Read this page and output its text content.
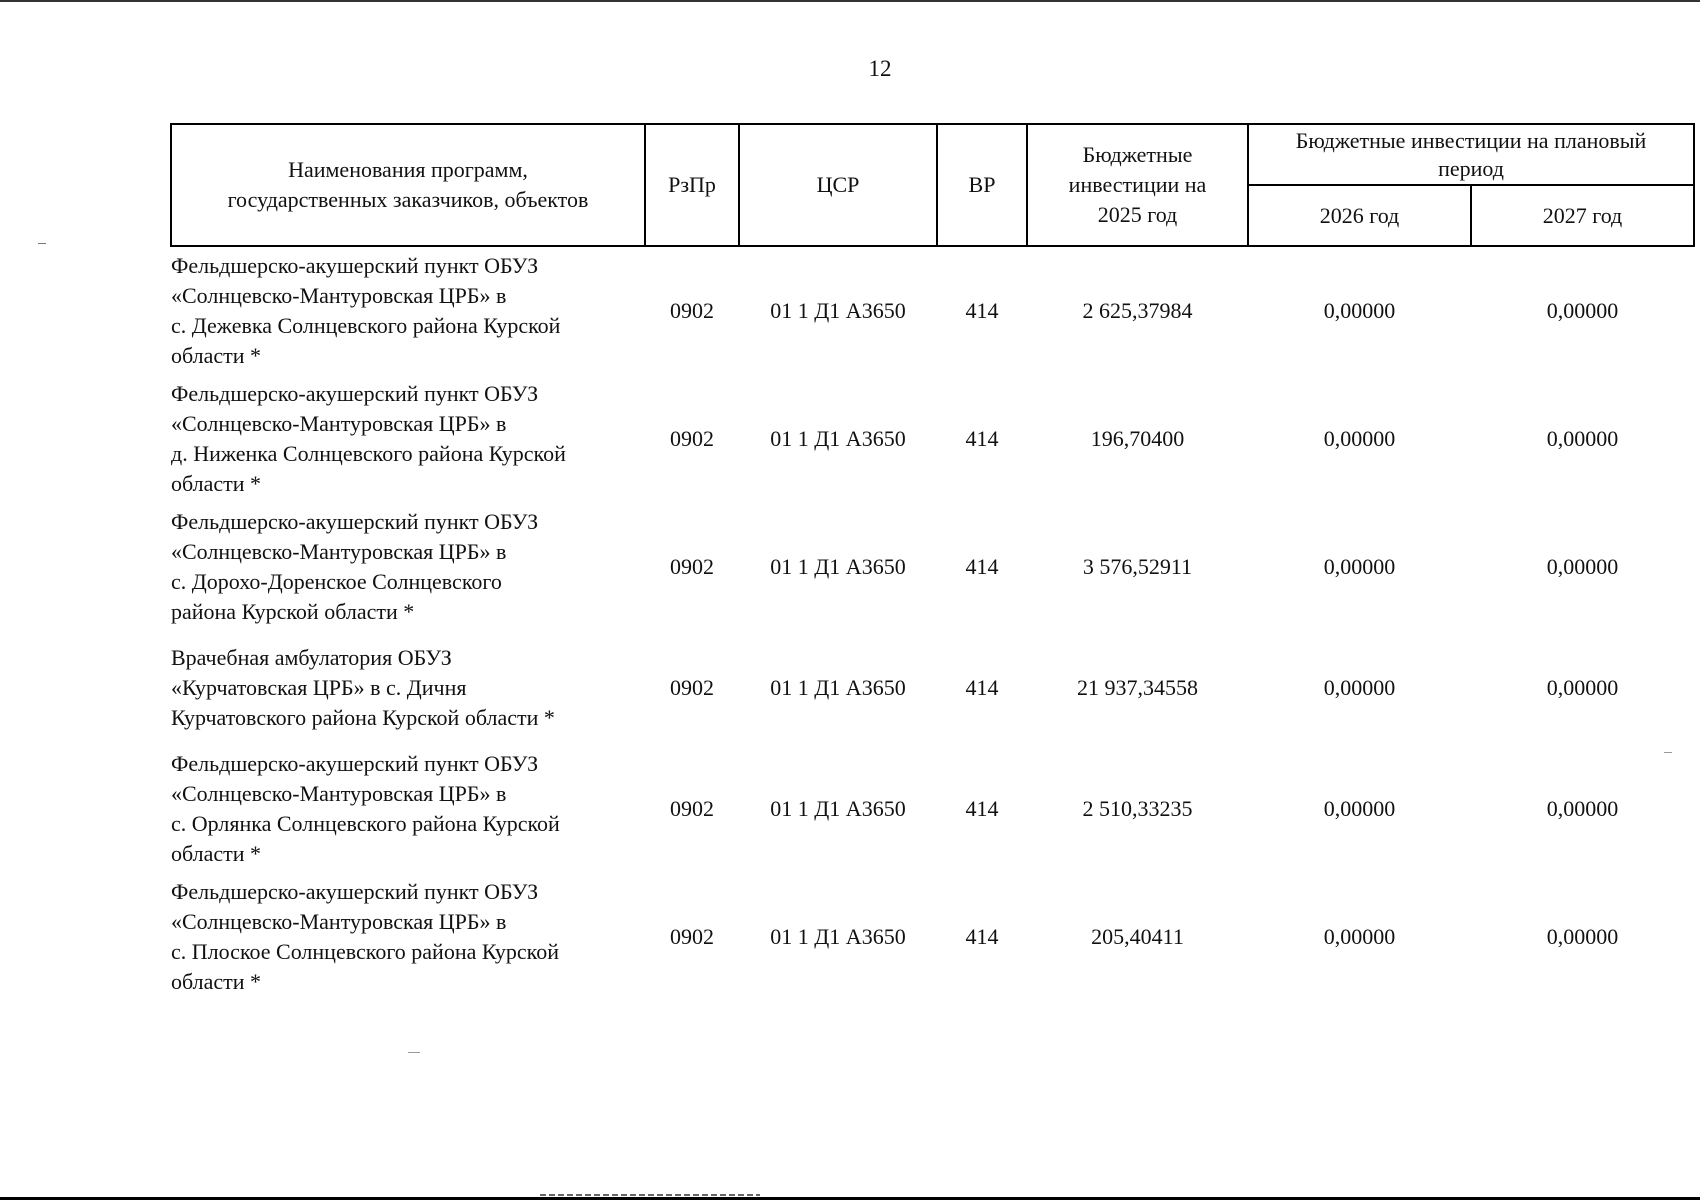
12
Наименования программ,
государственных заказчиков, объектов	РзПр	ЦСР	ВР	Бюджетные
инвестиции на
2025 год	Бюджетные инвестиции на плановый
период	
					2026 год	2027 год
Фельдшерско-акушерский пункт ОБУЗ
«Солнцевско-Мантуровская ЦРБ» в
с. Дежевка Солнцевского района Курской
области *	0902	01 1 Д1 А3650	414	2 625,37984	0,00000	0,00000
Фельдшерско-акушерский пункт ОБУЗ
«Солнцевско-Мантуровская ЦРБ» в
д. Ниженка Солнцевского района Курской
области *	0902	01 1 Д1 А3650	414	196,70400	0,00000	0,00000
Фельдшерско-акушерский пункт ОБУЗ
«Солнцевско-Мантуровская ЦРБ» в
с. Дорохо-Доренское Солнцевского
района Курской области *	0902	01 1 Д1 А3650	414	3 576,52911	0,00000	0,00000
Врачебная амбулатория ОБУЗ
«Курчатовская ЦРБ» в с. Дичня
Курчатовского района Курской области *	0902	01 1 Д1 А3650	414	21 937,34558	0,00000	0,00000
Фельдшерско-акушерский пункт ОБУЗ
«Солнцевско-Мантуровская ЦРБ» в
с. Орлянка Солнцевского района Курской
области *	0902	01 1 Д1 А3650	414	2 510,33235	0,00000	0,00000
Фельдшерско-акушерский пункт ОБУЗ
«Солнцевско-Мантуровская ЦРБ» в
с. Плоское Солнцевского района Курской
области *	0902	01 1 Д1 А3650	414	205,40411	0,00000	0,00000
